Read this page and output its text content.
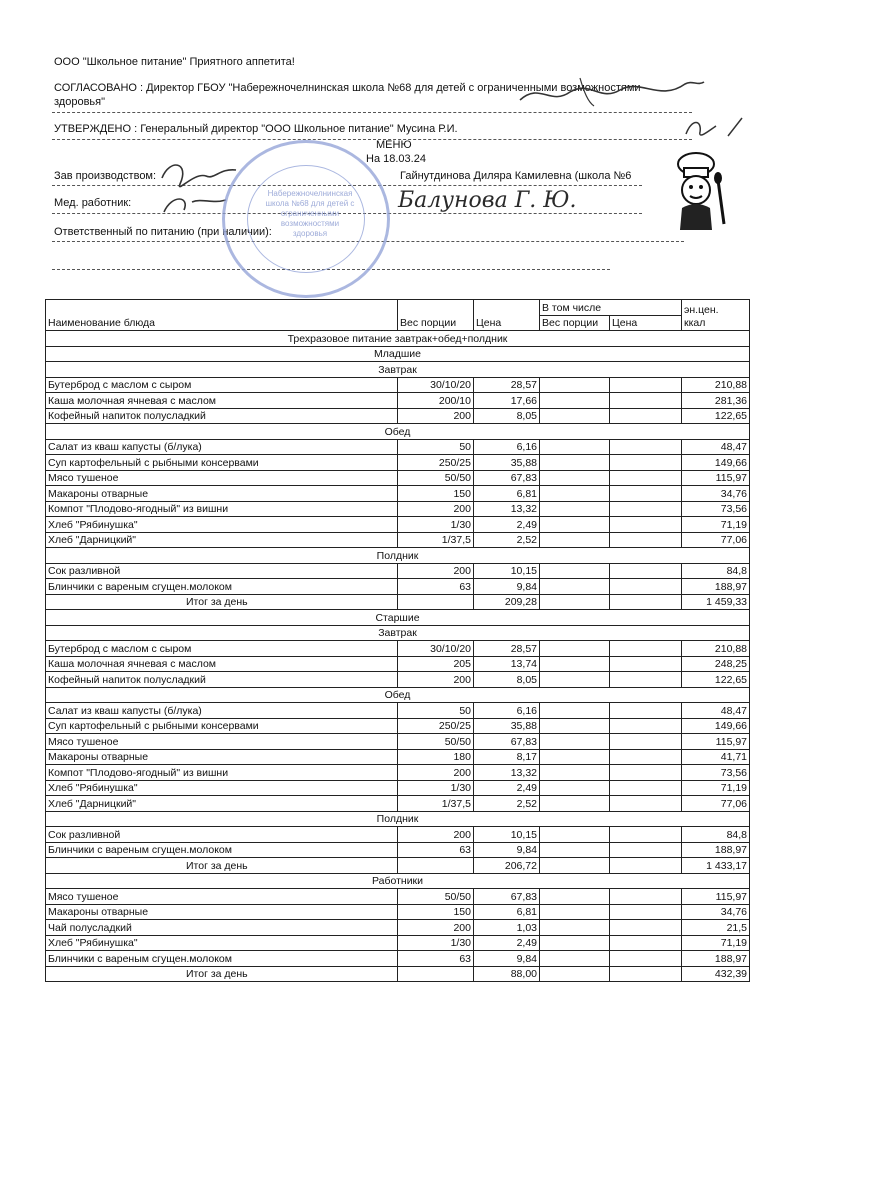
ООО "Школьное питание" Приятного аппетита!
СОГЛАСОВАНО : Директор ГБОУ "Набережночелнинская школа №68 для детей с ограниченными возможностями
здоровья"
УТВЕРЖДЕНО : Генеральный директор "ООО Школьное питание" Мусина Р.И.
МЕНЮ
На 18.03.24
Зав производством:	Гайнутдинова Диляра Камилевна (школа №6
Мед. работник:	Балуновa Г. Ю.
Ответственный по питанию (при наличии):
Набережночелнинская школа №68 для детей с ограниченными возможностями здоровья
Наименование блюда	Вес порции	Цена	В том числе		эн.цен.
ккал
			Вес порции	Цена	
Трехразовое питание завтрак+обед+полдник					
Младшие					
Завтрак					
Бутерброд с маслом с сыром	30/10/20	28,57			210,88
Каша молочная ячневая с маслом	200/10	17,66			281,36
Кофейный напиток полусладкий	200	8,05			122,65
Обед					
Салат из кваш капусты (б/лука)	50	6,16			48,47
Суп картофельный с рыбными консервами	250/25	35,88			149,66
Мясо тушеное	50/50	67,83			115,97
Макароны отварные	150	6,81			34,76
Компот "Плодово-ягодный" из вишни	200	13,32			73,56
Хлеб "Рябинушка"	1/30	2,49			71,19
Хлеб "Дарницкий"	1/37,5	2,52			77,06
Полдник					
Сок разливной	200	10,15			84,8
Блинчики с вареным сгущен.молоком	63	9,84			188,97
Итог за день		209,28			1 459,33
Старшие					
Завтрак					
Бутерброд с маслом с сыром	30/10/20	28,57			210,88
Каша молочная ячневая с маслом	205	13,74			248,25
Кофейный напиток полусладкий	200	8,05			122,65
Обед					
Салат из кваш капусты (б/лука)	50	6,16			48,47
Суп картофельный с рыбными консервами	250/25	35,88			149,66
Мясо тушеное	50/50	67,83			115,97
Макароны отварные	180	8,17			41,71
Компот "Плодово-ягодный" из вишни	200	13,32			73,56
Хлеб "Рябинушка"	1/30	2,49			71,19
Хлеб "Дарницкий"	1/37,5	2,52			77,06
Полдник					
Сок разливной	200	10,15			84,8
Блинчики с вареным сгущен.молоком	63	9,84			188,97
Итог за день		206,72			1 433,17
Работники					
Мясо тушеное	50/50	67,83			115,97
Макароны отварные	150	6,81			34,76
Чай полусладкий	200	1,03			21,5
Хлеб "Рябинушка"	1/30	2,49			71,19
Блинчики с вареным сгущен.молоком	63	9,84			188,97
Итог за день		88,00			432,39
